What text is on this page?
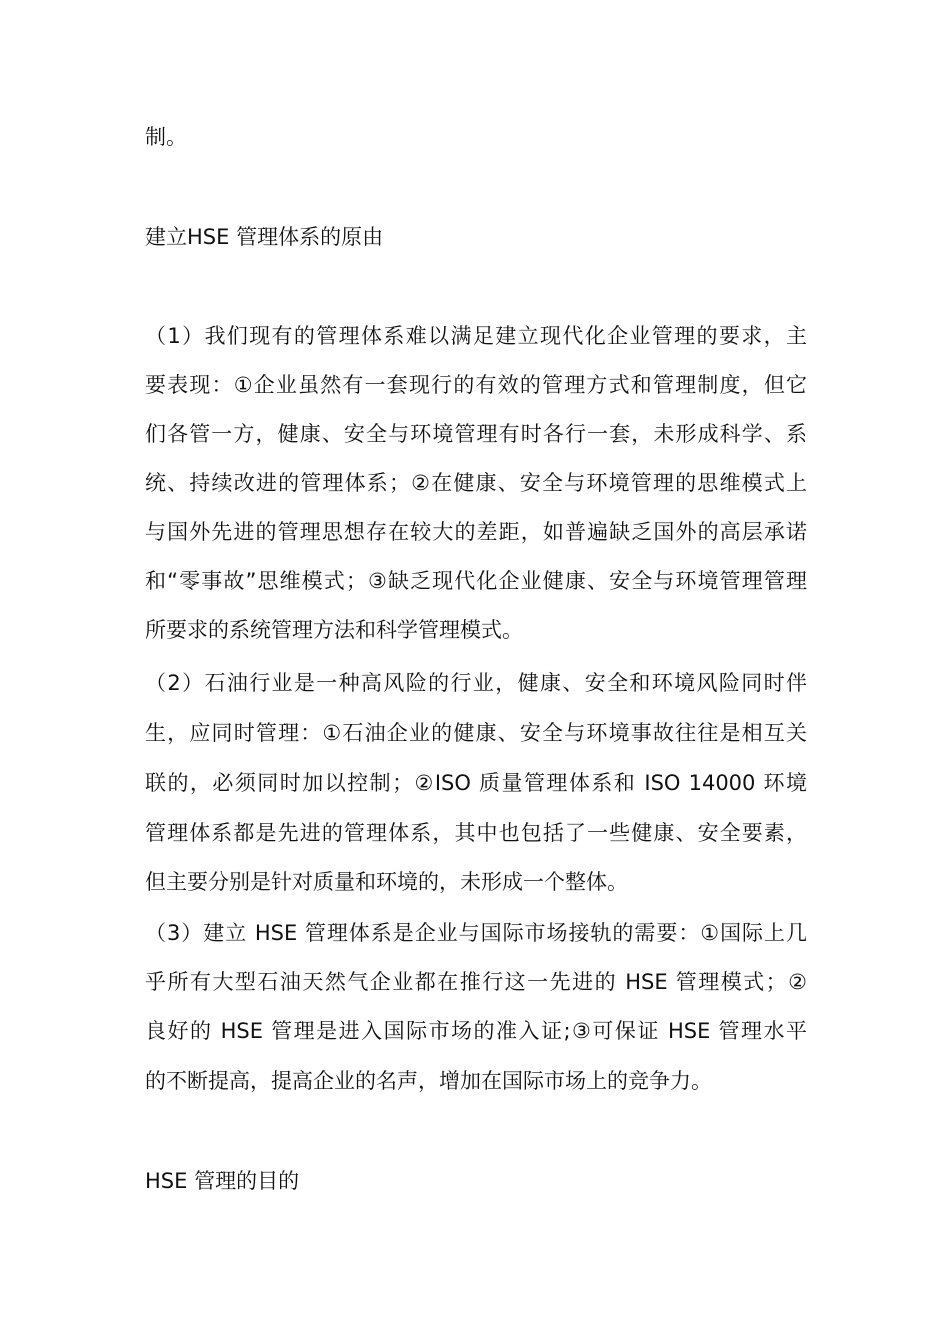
制。
建立HSE 管理体系的原由
（1）我们现有的管理体系难以满足建立现代化企业管理的要求，主
要表现：①企业虽然有一套现行的有效的管理方式和管理制度，但它
们各管一方，健康、安全与环境管理有时各行一套，未形成科学、系
统、持续改进的管理体系；②在健康、安全与环境管理的思维模式上
与国外先进的管理思想存在较大的差距，如普遍缺乏国外的高层承诺
和“零事故”思维模式；③缺乏现代化企业健康、安全与环境管理管理
所要求的系统管理方法和科学管理模式。
（2）石油行业是一种高风险的行业，健康、安全和环境风险同时伴
生，应同时管理：①石油企业的健康、安全与环境事故往往是相互关
联的，必须同时加以控制；②ISO 质量管理体系和 ISO 14000 环境
管理体系都是先进的管理体系，其中也包括了一些健康、安全要素，
但主要分别是针对质量和环境的，未形成一个整体。
（3）建立 HSE 管理体系是企业与国际市场接轨的需要：①国际上几
乎所有大型石油天然气企业都在推行这一先进的 HSE 管理模式；②
良好的 HSE 管理是进入国际市场的准入证;③可保证 HSE 管理水平
的不断提高，提高企业的名声，增加在国际市场上的竞争力。
HSE 管理的目的
